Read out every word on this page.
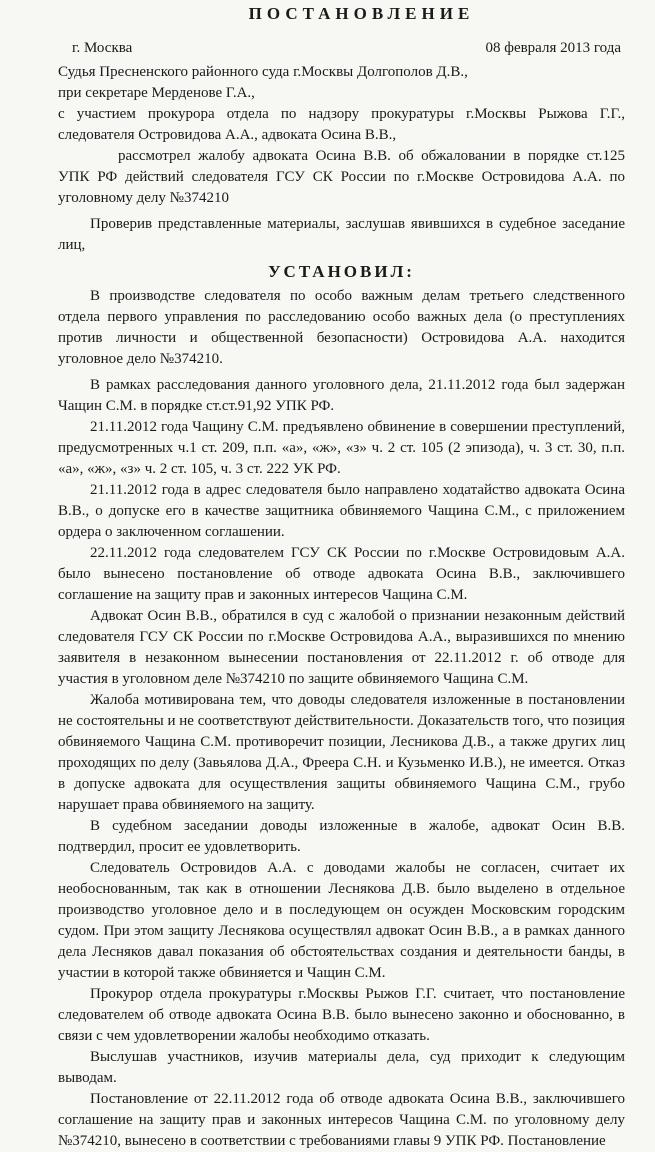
ПОСТАНОВЛЕНИЕ
г. Москва	08 февраля 2013 года

Судья Пресненского районного суда г.Москвы Долгополов Д.В.,

при секретаре Мерденове Г.А.,

с участием прокурора отдела по надзору прокуратуры г.Москвы Рыжова Г.Г., следователя Островидова А.А., адвоката Осина В.В.,

рассмотрел жалобу адвоката Осина В.В. об обжаловании в порядке ст.125 УПК РФ действий следователя ГСУ СК России по г.Москве Островидова А.А. по уголовному делу №374210

Проверив представленные материалы, заслушав явившихся в судебное заседание лиц,

УСТАНОВИЛ:

В производстве следователя по особо важным делам третьего следственного отдела первого управления по расследованию особо важных дела (о преступлениях против личности и общественной безопасности) Островидова А.А. находится уголовное дело №374210.

В рамках расследования данного уголовного дела, 21.11.2012 года был задержан Чащин С.М. в порядке ст.ст.91,92 УПК РФ.

21.11.2012 года Чащину С.М. предъявлено обвинение в совершении преступлений, предусмотренных ч.1 ст. 209, п.п. «а», «ж», «з» ч. 2 ст. 105 (2 эпизода), ч. 3 ст. 30, п.п. «а», «ж», «з» ч. 2 ст. 105, ч. 3 ст. 222 УК РФ.

21.11.2012 года в адрес следователя было направлено ходатайство адвоката Осина В.В., о допуске его в качестве защитника обвиняемого Чащина С.М., с приложением ордера о заключенном соглашении.

22.11.2012 года следователем ГСУ СК России по г.Москве Островидовым А.А. было вынесено постановление об отводе адвоката Осина В.В., заключившего соглашение на защиту прав и законных интересов Чащина С.М.

Адвокат Осин В.В., обратился в суд с жалобой о признании незаконным действий следователя ГСУ СК России по г.Москве Островидова А.А., выразившихся по мнению заявителя в незаконном вынесении постановления от 22.11.2012 г. об отводе для участия в уголовном деле №374210 по защите обвиняемого Чащина С.М.

Жалоба мотивирована тем, что доводы следователя изложенные в постановлении не состоятельны и не соответствуют действительности. Доказательств того, что позиция обвиняемого Чащина С.М. противоречит позиции, Лесникова Д.В., а также других лиц проходящих по делу (Завьялова Д.А., Фреера С.Н. и Кузьменко И.В.), не имеется. Отказ в допуске адвоката для осуществления защиты обвиняемого Чащина С.М., грубо нарушает права обвиняемого на защиту.

В судебном заседании доводы изложенные в жалобе, адвокат Осин В.В. подтвердил, просит ее удовлетворить.

Следователь Островидов А.А. с доводами жалобы не согласен, считает их необоснованным, так как в отношении Леснякова Д.В. было выделено в отдельное производство уголовное дело и в последующем он осужден Московским городским судом. При этом защиту Леснякова осуществлял адвокат Осин В.В., а в рамках данного дела Лесняков давал показания об обстоятельствах создания и деятельности банды, в участии в которой также обвиняется и Чащин С.М.

Прокурор отдела прокуратуры г.Москвы Рыжов Г.Г. считает, что постановление следователем об отводе адвоката Осина В.В. было вынесено законно и обоснованно, в связи с чем удовлетворении жалобы необходимо отказать.

Выслушав участников, изучив материалы дела, суд приходит к следующим выводам.

Постановление от 22.11.2012 года об отводе адвоката Осина В.В., заключившего соглашение на защиту прав и законных интересов Чащина С.М. по уголовному делу №374210, вынесено в соответствии с требованиями главы 9 УПК РФ. Постановление
